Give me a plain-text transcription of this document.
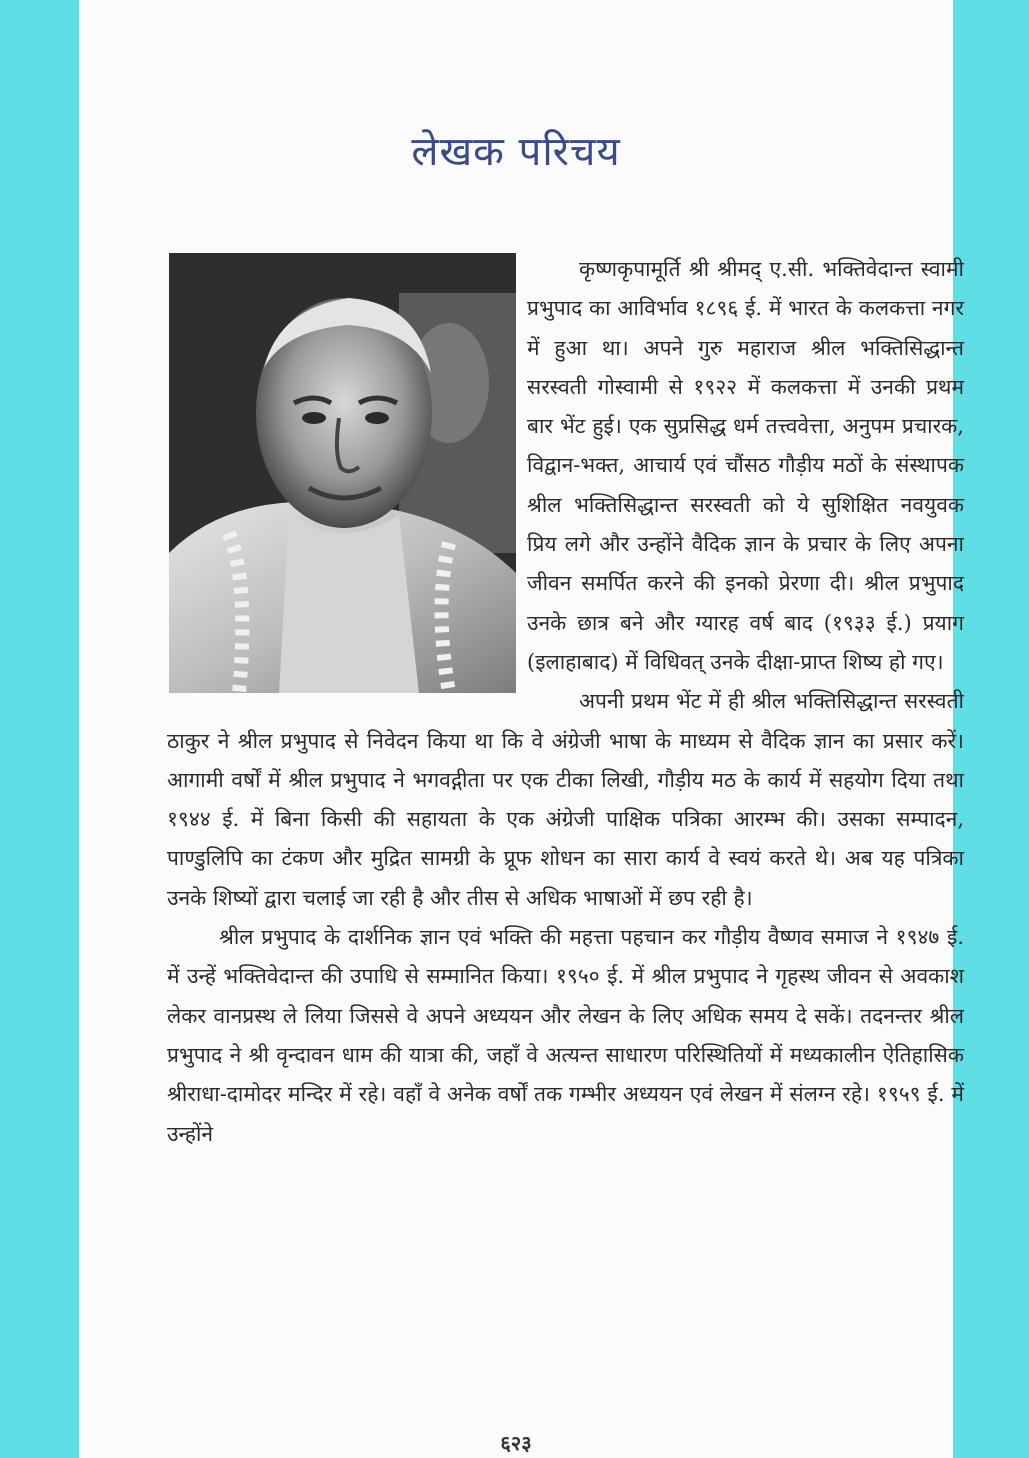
लेखक परिचय

कृष्णकृपामूर्ति श्री श्रीमद् ए.सी. भक्तिवेदान्त स्वामी प्रभुपाद का आविर्भाव १८९६ ई. में भारत के कलकत्ता नगर में हुआ था। अपने गुरु महाराज श्रील भक्तिसिद्धान्त सरस्वती गोस्वामी से १९२२ में कलकत्ता में उनकी प्रथम बार भेंट हुई। एक सुप्रसिद्ध धर्म तत्त्ववेत्ता, अनुपम प्रचारक, विद्वान-भक्त, आचार्य एवं चौंसठ गौड़ीय मठों के संस्थापक श्रील भक्तिसिद्धान्त सरस्वती को ये सुशिक्षित नवयुवक प्रिय लगे और उन्होंने वैदिक ज्ञान के प्रचार के लिए अपना जीवन समर्पित करने की इनको प्रेरणा दी। श्रील प्रभुपाद उनके छात्र बने और ग्यारह वर्ष बाद (१९३३ ई.) प्रयाग (इलाहाबाद) में विधिवत् उनके दीक्षा-प्राप्त शिष्य हो गए।

अपनी प्रथम भेंट में ही श्रील भक्तिसिद्धान्त सरस्वती ठाकुर ने श्रील प्रभुपाद से निवेदन किया था कि वे अंग्रेजी भाषा के माध्यम से वैदिक ज्ञान का प्रसार करें। आगामी वर्षों में श्रील प्रभुपाद ने भगवद्गीता पर एक टीका लिखी, गौड़ीय मठ के कार्य में सहयोग दिया तथा १९४४ ई. में बिना किसी की सहायता के एक अंग्रेजी पाक्षिक पत्रिका आरम्भ की। उसका सम्पादन, पाण्डुलिपि का टंकण और मुद्रित सामग्री के प्रूफ शोधन का सारा कार्य वे स्वयं करते थे। अब यह पत्रिका उनके शिष्यों द्वारा चलाई जा रही है और तीस से अधिक भाषाओं में छप रही है।

श्रील प्रभुपाद के दार्शनिक ज्ञान एवं भक्ति की महत्ता पहचान कर गौड़ीय वैष्णव समाज ने १९४७ ई. में उन्हें भक्तिवेदान्त की उपाधि से सम्मानित किया। १९५० ई. में श्रील प्रभुपाद ने गृहस्थ जीवन से अवकाश लेकर वानप्रस्थ ले लिया जिससे वे अपने अध्ययन और लेखन के लिए अधिक समय दे सकें। तदनन्तर श्रील प्रभुपाद ने श्री वृन्दावन धाम की यात्रा की, जहाँ वे अत्यन्त साधारण परिस्थितियों में मध्यकालीन ऐतिहासिक श्रीराधा-दामोदर मन्दिर में रहे। वहाँ वे अनेक वर्षों तक गम्भीर अध्ययन एवं लेखन में संलग्न रहे। १९५९ ई. में उन्होंने

६२३
